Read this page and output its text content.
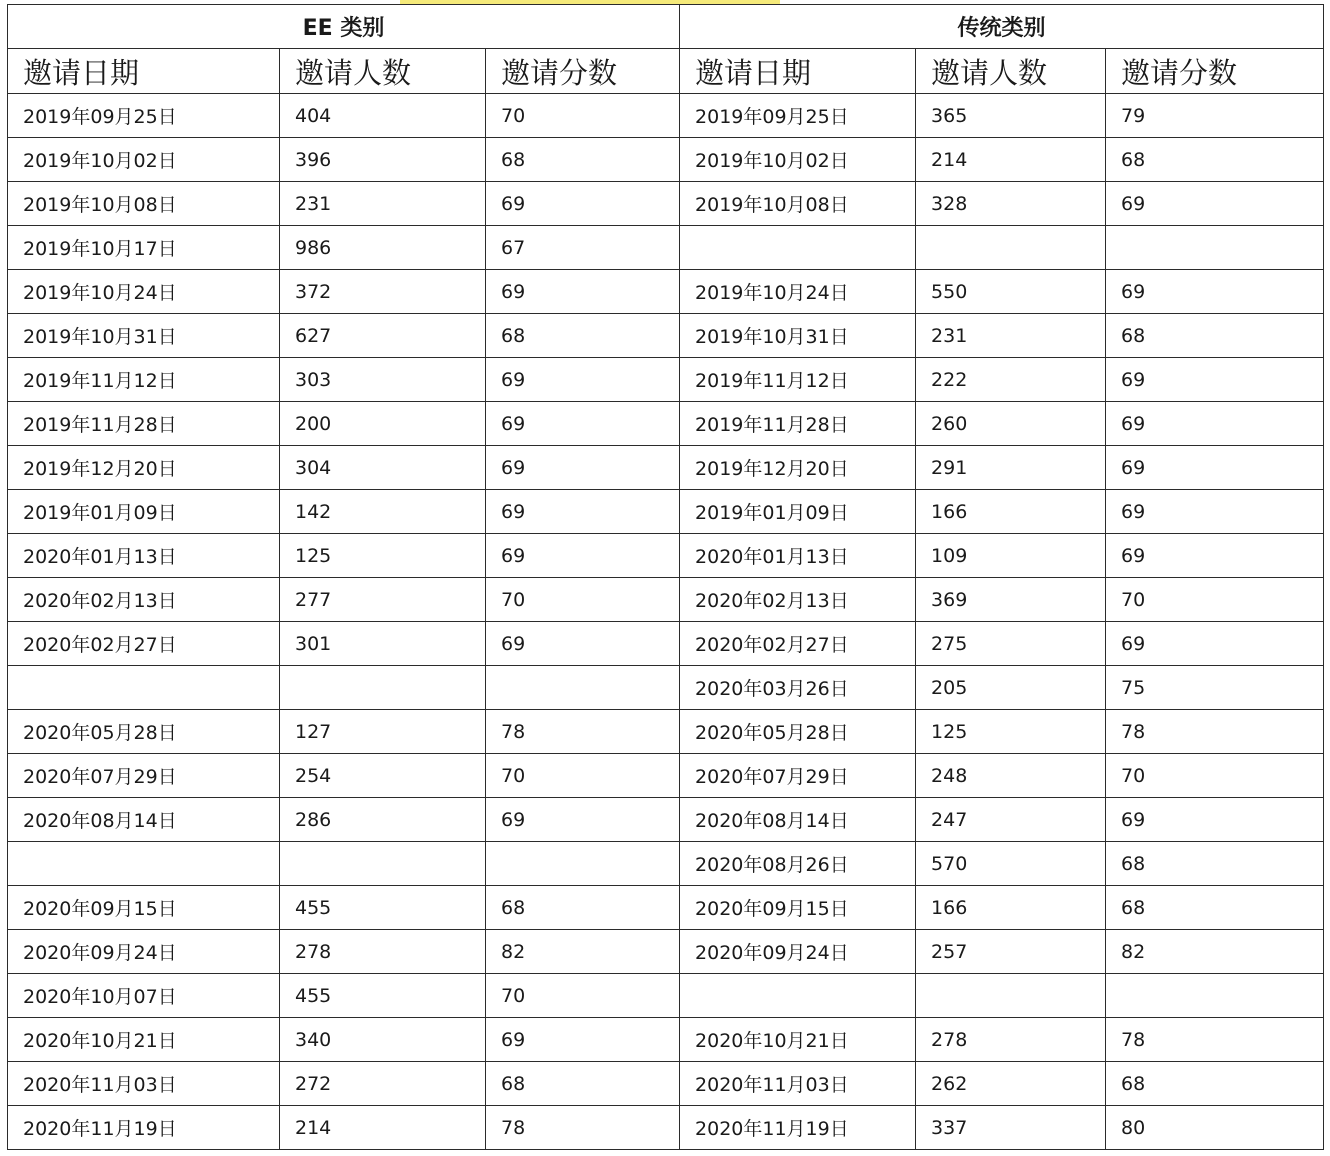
EE 类别			传统类别		
邀请日期	邀请人数	邀请分数	邀请日期	邀请人数	邀请分数
2019年09月25日	404	70	2019年09月25日	365	79
2019年10月02日	396	68	2019年10月02日	214	68
2019年10月08日	231	69	2019年10月08日	328	69
2019年10月17日	986	67			
2019年10月24日	372	69	2019年10月24日	550	69
2019年10月31日	627	68	2019年10月31日	231	68
2019年11月12日	303	69	2019年11月12日	222	69
2019年11月28日	200	69	2019年11月28日	260	69
2019年12月20日	304	69	2019年12月20日	291	69
2019年01月09日	142	69	2019年01月09日	166	69
2020年01月13日	125	69	2020年01月13日	109	69
2020年02月13日	277	70	2020年02月13日	369	70
2020年02月27日	301	69	2020年02月27日	275	69
			2020年03月26日	205	75
2020年05月28日	127	78	2020年05月28日	125	78
2020年07月29日	254	70	2020年07月29日	248	70
2020年08月14日	286	69	2020年08月14日	247	69
			2020年08月26日	570	68
2020年09月15日	455	68	2020年09月15日	166	68
2020年09月24日	278	82	2020年09月24日	257	82
2020年10月07日	455	70			
2020年10月21日	340	69	2020年10月21日	278	78
2020年11月03日	272	68	2020年11月03日	262	68
2020年11月19日	214	78	2020年11月19日	337	80
